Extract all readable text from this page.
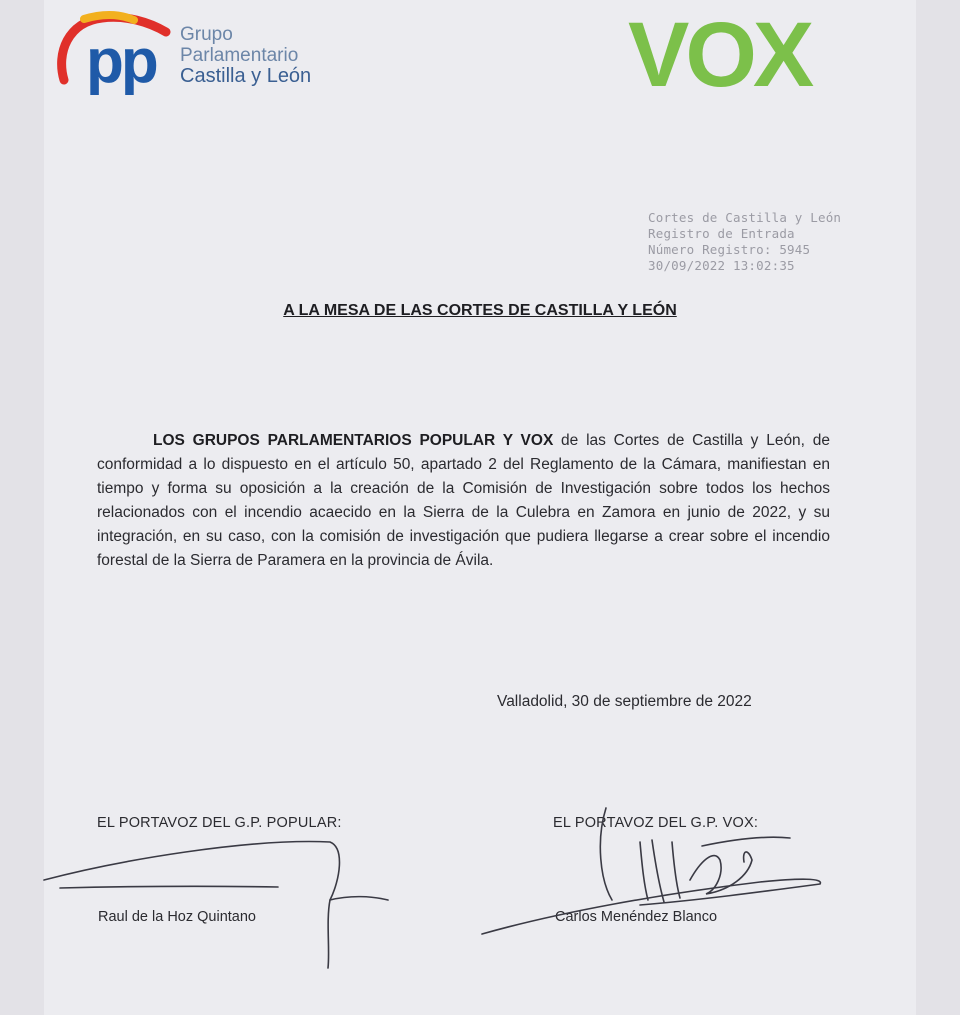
pp Grupo
Parlamentario
Castilla y León	VOX
Cortes de Castilla y León
Registro de Entrada
Número Registro: 5945
30/09/2022 13:02:35
A LA MESA DE LAS CORTES DE CASTILLA Y LEÓN
LOS GRUPOS PARLAMENTARIOS POPULAR Y VOX de las Cortes de Castilla y León, de conformidad a lo dispuesto en el artículo 50, apartado 2 del Reglamento de la Cámara, manifiestan en tiempo y forma su oposición a la creación de la Comisión de Investigación sobre todos los hechos relacionados con el incendio acaecido en la Sierra de la Culebra en Zamora en junio de 2022, y su integración, en su caso, con la comisión de investigación que pudiera llegarse a crear sobre el incendio forestal de la Sierra de Paramera en la provincia de Ávila.
Valladolid, 30 de septiembre de 2022
EL PORTAVOZ DEL G.P. POPULAR:	EL PORTAVOZ DEL G.P. VOX:
Raul de la Hoz Quintano	Carlos Menéndez Blanco
